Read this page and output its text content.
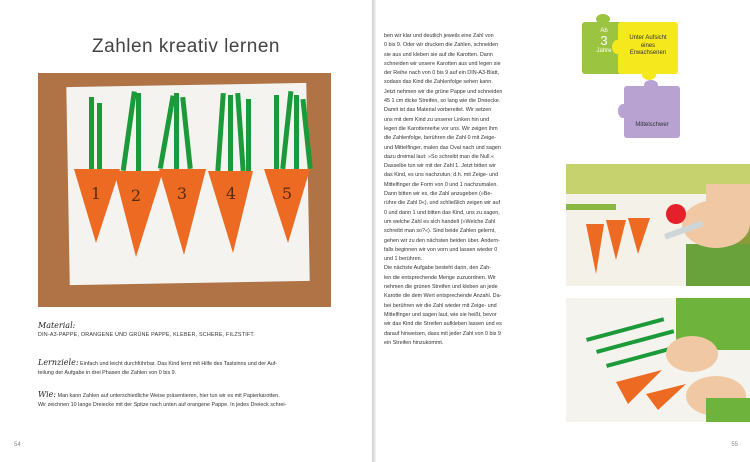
Zahlen kreativ lernen
1 2 3 4	5
Material:
DIN-A3-PAPPE, ORANGENE UND GRÜNE PAPPE, KLEBER, SCHERE, FILZSTIFT.

Lernziele: Einfach und leicht durchführbar. Das Kind lernt mit Hilfe des Tastsinns und der Auf-

teilung der Aufgabe in drei Phasen die Zahlen von 0 bis 9.

Wie: Man kann Zahlen auf unterschiedliche Weise präsentieren, hier tun wir es mit Papierkarotten.

Wir zeichnen 10 lange Dreiecke mit der Spitze nach unten auf orangene Pappe. In jedes Dreieck schrei-

54

ben wir klar und deutlich jeweils eine Zahl von

0 bis 9. Oder wir drucken die Zahlen, schneiden

sie aus und kleben sie auf die Karotten. Dann

schneiden wir unsere Karotten aus und legen sie

der Reihe nach von 0 bis 9 auf ein DIN-A3-Blatt,

sodass das Kind die Zahlenfolge sehen kann.

Jetzt nehmen wir die grüne Pappe und schneiden

45 1 cm dicke Streifen, so lang wie die Dreiecke.

Damit ist das Material vorbereitet. Wir setzen

uns mit dem Kind zu unserer Linken hin und

legen die Karottenreihe vor uns. Wir zeigen ihm

die Zahlenfolge, berühren die Zahl 0 mit Zeige-

und Mittelfinger, malen das Oval nach und sagen

dazu dreimal laut: »So schreibt man die Null.«

Dasselbe tun wir mit der Zahl 1. Jetzt bitten wir

das Kind, es uns nachzutun, d.h. mit Zeige- und

Mittelfinger die Form von 0 und 1 nachzumalen.

Dann bitten wir es, die Zahl anzugeben (»Be-

rühre die Zahl 0«), und schließlich zeigen wir auf

0 und dann 1 und bitten das Kind, uns zu sagen,

um welche Zahl es sich handelt (»Welche Zahl

schreibt man so?«). Sind beide Zahlen gelernt,

gehen wir zu den nächsten beiden über. Andern-

falls beginnen wir von vorn und lassen wieder 0

und 1 berühren.

Die nächste Aufgabe besteht darin, den Zah-

len die entsprechende Menge zuzuordnen. Wir

nehmen die grünen Streifen und kleben an jede

Karotte die dem Wert entsprechende Anzahl. Da-

bei berühren wir die Zahl wieder mit Zeige- und

Mittelfinger und sagen laut, wie sie heißt, bevor

wir das Kind die Streifen aufkleben lassen und es

darauf hinweisen, dass mit jeder Zahl von 0 bis 9

ein Streifen hinzukommt.

Ab
3
Jahre
Unter Aufsicht eines Erwachsenen
Mittelschwer
55
